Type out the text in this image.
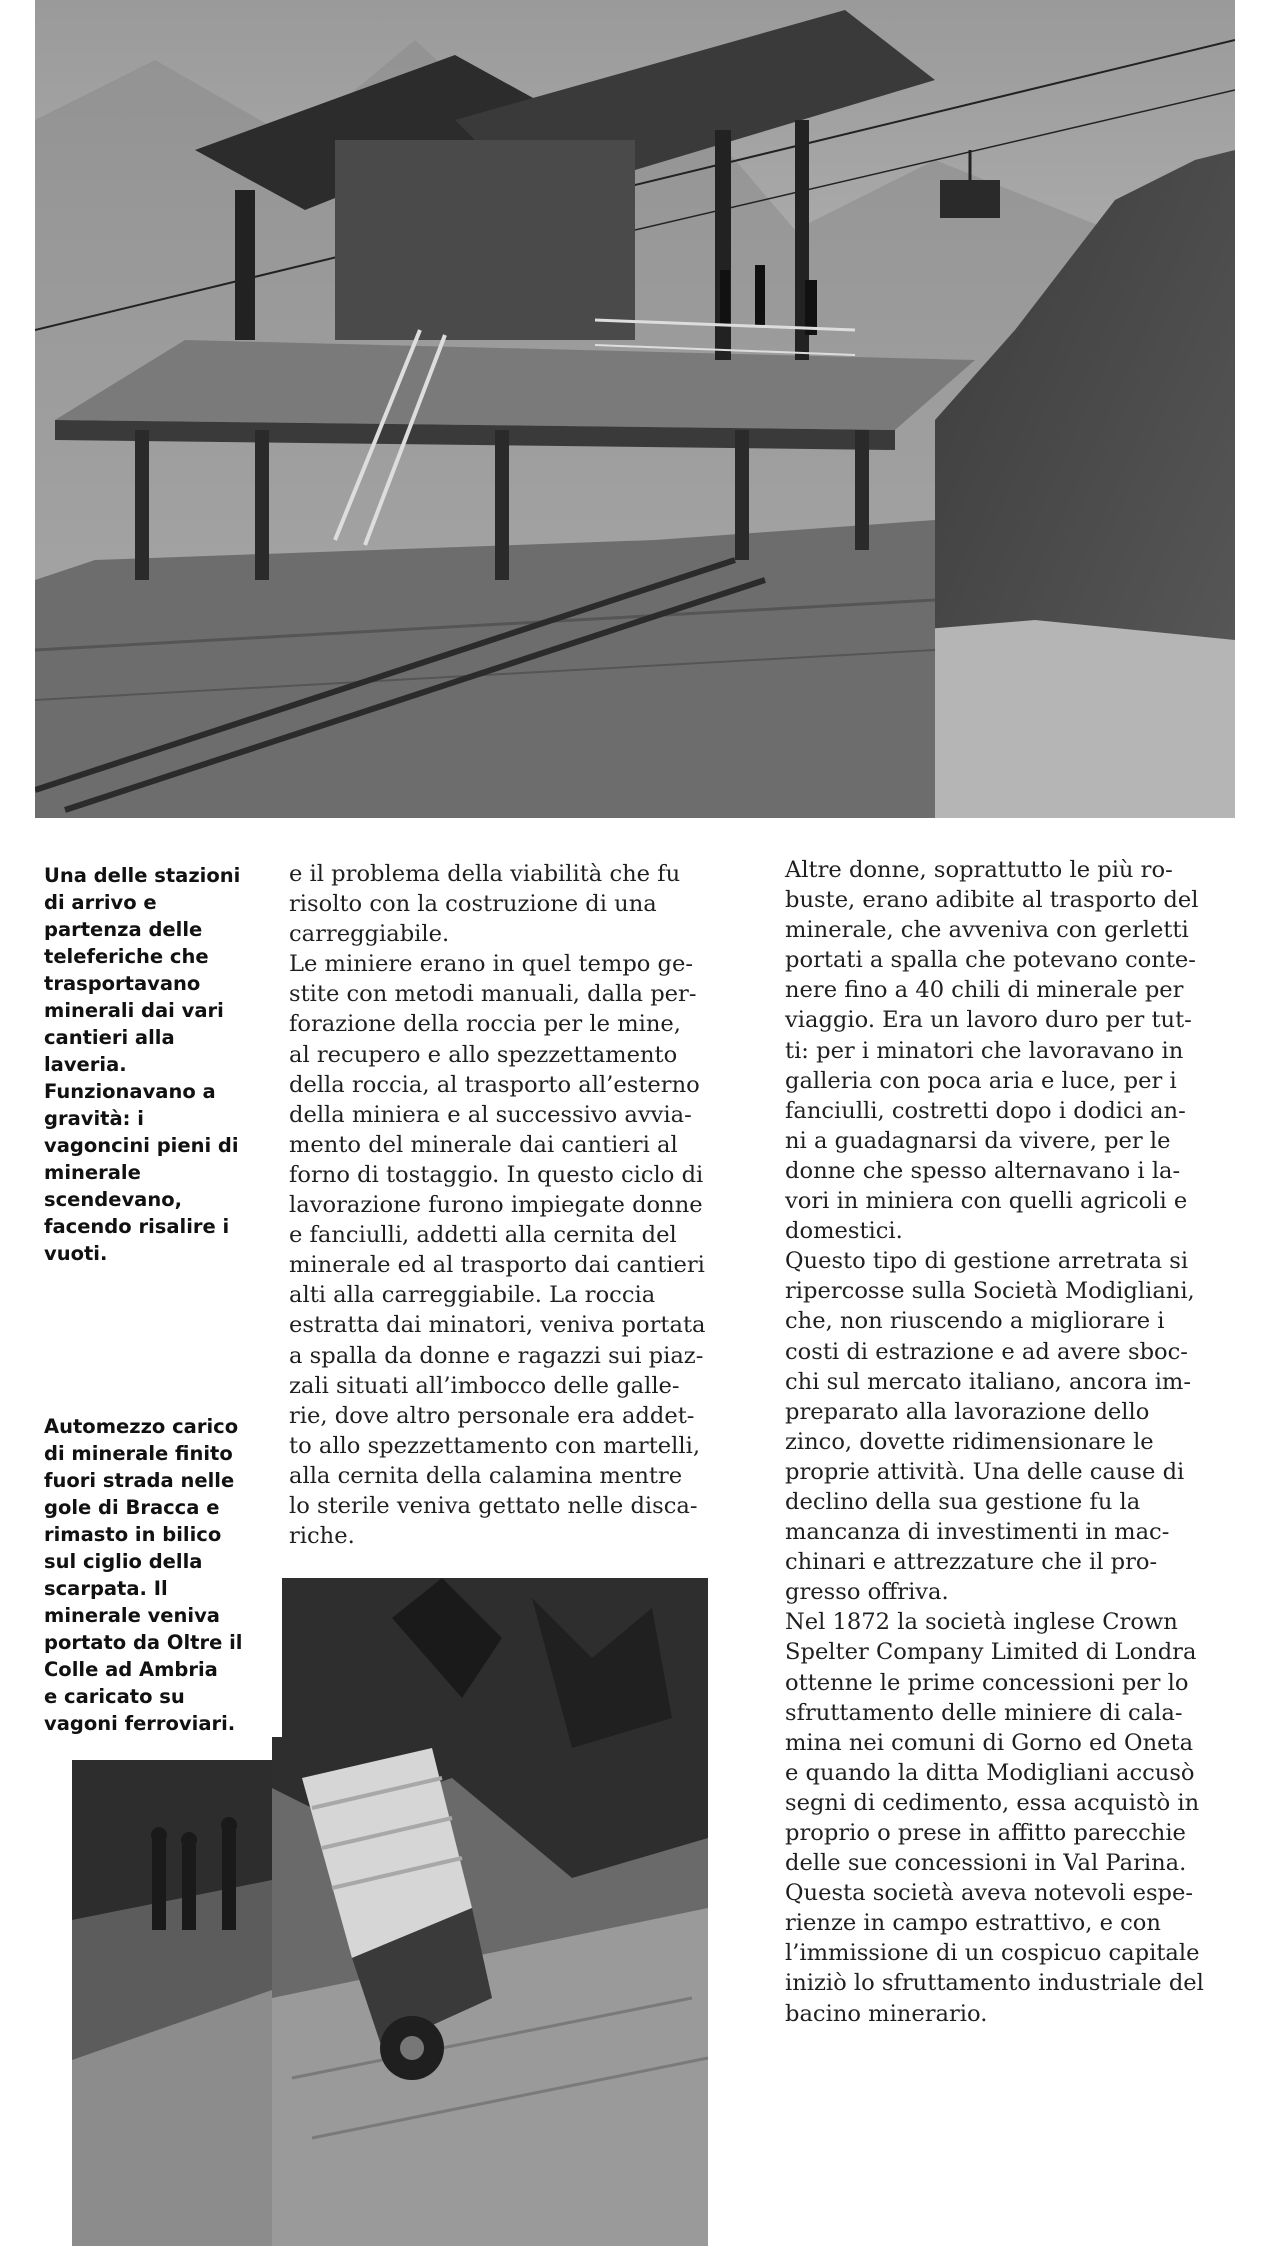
Una delle stazioni
di arrivo e
partenza delle
teleferiche che
trasportavano
minerali dai vari
cantieri alla
laveria.
Funzionavano a
gravità: i
vagoncini pieni di
minerale
scendevano,
facendo risalire i
vuoti.

Automezzo carico
di minerale finito
fuori strada nelle
gole di Bracca e
rimasto in bilico
sul ciglio della
scarpata. Il
minerale veniva
portato da Oltre il
Colle ad Ambria
e caricato su
vagoni ferroviari.

e il problema della viabilità che fu
risolto con la costruzione di una
carreggiabile.
Le miniere erano in quel tempo ge-
stite con metodi manuali, dalla per-
forazione della roccia per le mine,
al recupero e allo spezzettamento
della roccia, al trasporto all’esterno
della miniera e al successivo avvia-
mento del minerale dai cantieri al
forno di tostaggio. In questo ciclo di
lavorazione furono impiegate donne
e fanciulli, addetti alla cernita del
minerale ed al trasporto dai cantieri
alti alla carreggiabile. La roccia
estratta dai minatori, veniva portata
a spalla da donne e ragazzi sui piaz-
zali situati all’imbocco delle galle-
rie, dove altro personale era addet-
to allo spezzettamento con martelli,
alla cernita della calamina mentre
lo sterile veniva gettato nelle disca-
riche.
Altre donne, soprattutto le più ro-
buste, erano adibite al trasporto del
minerale, che avveniva con gerletti
portati a spalla che potevano conte-
nere fino a 40 chili di minerale per
viaggio. Era un lavoro duro per tut-
ti: per i minatori che lavoravano in
galleria con poca aria e luce, per i
fanciulli, costretti dopo i dodici an-
ni a guadagnarsi da vivere, per le
donne che spesso alternavano i la-
vori in miniera con quelli agricoli e
domestici.
Questo tipo di gestione arretrata si
ripercosse sulla Società Modigliani,
che, non riuscendo a migliorare i
costi di estrazione e ad avere sboc-
chi sul mercato italiano, ancora im-
preparato alla lavorazione dello
zinco, dovette ridimensionare le
proprie attività. Una delle cause di
declino della sua gestione fu la
mancanza di investimenti in mac-
chinari e attrezzature che il pro-
gresso offriva.
Nel 1872 la società inglese Crown
Spelter Company Limited di Londra
ottenne le prime concessioni per lo
sfruttamento delle miniere di cala-
mina nei comuni di Gorno ed Oneta
e quando la ditta Modigliani accusò
segni di cedimento, essa acquistò in
proprio o prese in affitto parecchie
delle sue concessioni in Val Parina.
Questa società aveva notevoli espe-
rienze in campo estrattivo, e con
l’immissione di un cospicuo capitale
iniziò lo sfruttamento industriale del
bacino minerario.
